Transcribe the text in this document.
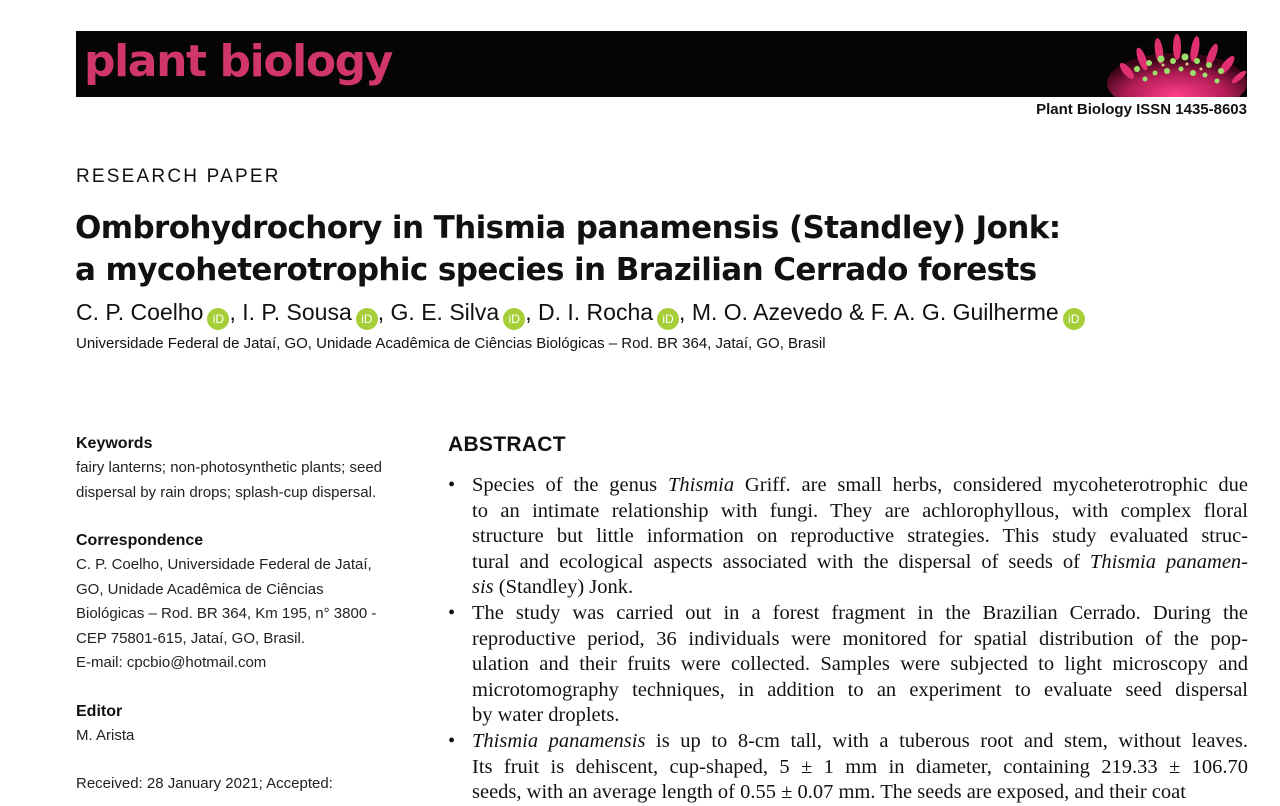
plant biology
Plant Biology ISSN 1435-8603
RESEARCH PAPER
Ombrohydrochory in Thismia panamensis (Standley) Jonk:
a mycoheterotrophic species in Brazilian Cerrado forests
C. P. Coelho iD , I. P. Sousa iD , G. E. Silva iD , D. I. Rocha iD , M. O. Azevedo & F. A. G. Guilherme iD
Universidade Federal de Jataí, GO, Unidade Acadêmica de Ciências Biológicas – Rod. BR 364, Jataí, GO, Brasil
Keywords
fairy lanterns; non-photosynthetic plants; seed
dispersal by rain drops; splash-cup dispersal.
Correspondence
C. P. Coelho, Universidade Federal de Jataí,
GO, Unidade Acadêmica de Ciências
Biológicas – Rod. BR 364, Km 195, n° 3800 -
CEP 75801-615, Jataí, GO, Brasil.
E-mail: cpcbio@hotmail.com
Editor
M. Arista
Received: 28 January 2021; Accepted:
ABSTRACT
• Species of the genus Thismia Griff. are small herbs, considered mycoheterotrophic due
to an intimate relationship with fungi. They are achlorophyllous, with complex floral
structure but little information on reproductive strategies. This study evaluated struc-
tural and ecological aspects associated with the dispersal of seeds of Thismia panamen-
sis (Standley) Jonk.
• The study was carried out in a forest fragment in the Brazilian Cerrado. During the
reproductive period, 36 individuals were monitored for spatial distribution of the pop-
ulation and their fruits were collected. Samples were subjected to light microscopy and
microtomography techniques, in addition to an experiment to evaluate seed dispersal
by water droplets.
• Thismia panamensis is up to 8-cm tall, with a tuberous root and stem, without leaves.
Its fruit is dehiscent, cup-shaped, 5 ± 1 mm in diameter, containing 219.33 ± 106.70
seeds, with an average length of 0.55 ± 0.07 mm. The seeds are exposed, and their coat
